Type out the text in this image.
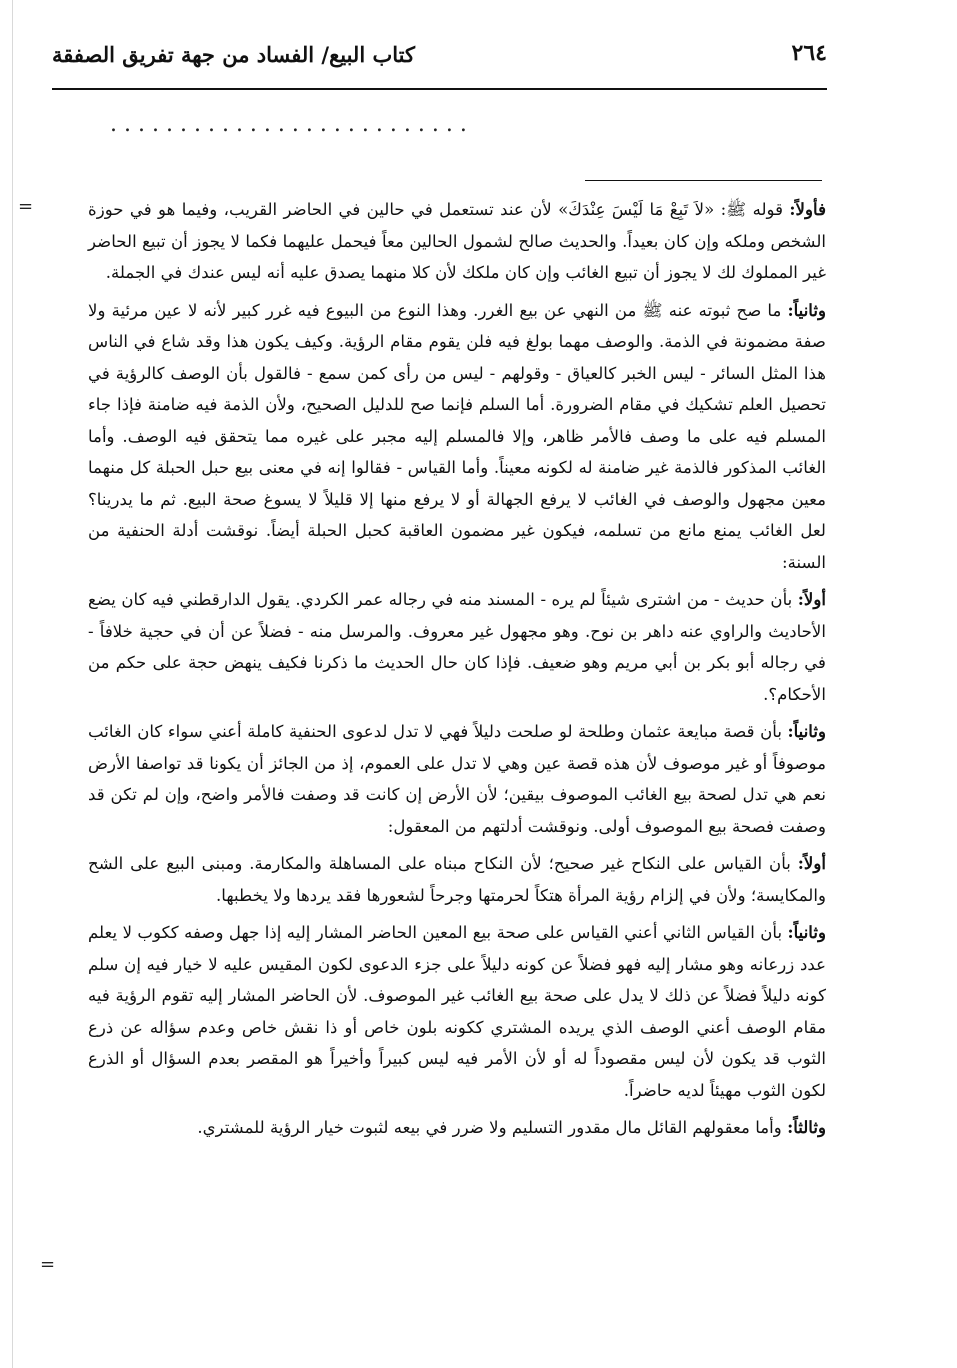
٢٦٤
كتاب البيع/ الفساد من جهة تفريق الصفقة
..........................
=	فأولاً: قوله ﷺ: «لاَ تَبِعْ مَا لَيْسَ عِنْدَكَ» لأن عند تستعمل في حالين في الحاضر القريب، وفيما هو في حوزة الشخص وملكه وإن كان بعيداً. والحديث صالح لشمول الحالين معاً فيحمل عليهما فكما لا يجوز أن تبيع الحاضر غير المملوك لك لا يجوز أن تبيع الغائب وإن كان ملكك لأن كلا منهما يصدق عليه أنه ليس عندك في الجملة.

وثانياً: ما صح ثبوته عنه ﷺ من النهي عن بيع الغرر. وهذا النوع من البيوع فيه غرر كبير لأنه لا عين مرئية ولا صفة مضمونة في الذمة. والوصف مهما بولغ فيه فلن يقوم مقام الرؤية. وكيف يكون هذا وقد شاع في الناس هذا المثل السائر - ليس الخبر كالعياق - وقولهم - ليس من رأى كمن سمع - فالقول بأن الوصف كالرؤية في تحصيل العلم تشكيك في مقام الضرورة. أما السلم فإنما صح للدليل الصحيح، ولأن الذمة فيه ضامنة فإذا جاء المسلم فيه على ما وصف فالأمر ظاهر، وإلا فالمسلم إليه مجبر على غيره مما يتحقق فيه الوصف. وأما الغائب المذكور فالذمة غير ضامنة له لكونه معيناً. وأما القياس - فقالوا إنه في معنى بيع حبل الحبلة كل منهما معين مجهول والوصف في الغائب لا يرفع الجهالة أو لا يرفع منها إلا قليلاً لا يسوغ صحة البيع. ثم ما يدرينا؟ لعل الغائب يمنع مانع من تسلمه، فيكون غير مضمون العاقبة كحبل الحبلة أيضاً. نوقشت أدلة الحنفية من السنة:

أولاً: بأن حديث - من اشترى شيئاً لم يره - المسند منه في رجاله عمر الكردي. يقول الدارقطني فيه كان يضع الأحاديث والراوي عنه داهر بن نوح. وهو مجهول غير معروف. والمرسل منه - فضلاً عن أن في حجية خلافاً - في رجاله أبو بكر بن أبي مريم وهو ضعيف. فإذا كان حال الحديث ما ذكرنا فكيف ينهض حجة على حكم من الأحكام؟.

وثانياً: بأن قصة مبايعة عثمان وطلحة لو صلحت دليلاً فهي لا تدل لدعوى الحنفية كاملة أعني سواء كان الغائب موصوفاً أو غير موصوف لأن هذه قصة عين وهي لا تدل على العموم، إذ من الجائز أن يكونا قد تواصفا الأرض نعم هي تدل لصحة بيع الغائب الموصوف بيقين؛ لأن الأرض إن كانت قد وصفت فالأمر واضح، وإن لم تكن قد وصفت فصحة بيع الموصوف أولى. ونوقشت أدلتهم من المعقول:

أولاً: بأن القياس على النكاح غير صحيح؛ لأن النكاح مبناه على المساهلة والمكارمة. ومبنى البيع على الشح والمكايسة؛ ولأن في إلزام رؤية المرأة هتكاً لحرمتها وجرحاً لشعورها فقد يردها ولا يخطبها.

وثانياً: بأن القياس الثاني أعني القياس على صحة بيع المعين الحاضر المشار إليه إذا جهل وصفه ككوب لا يعلم عدد زرعانه وهو مشار إليه فهو فضلاً عن كونه دليلاً على جزء الدعوى لكون المقيس عليه لا خيار فيه إن سلم كونه دليلاً فضلاً عن ذلك لا يدل على صحة بيع الغائب غير الموصوف. لأن الحاضر المشار إليه تقوم الرؤية فيه مقام الوصف أعني الوصف الذي يريده المشتري ككونه بلون خاص أو ذا نقش خاص وعدم سؤاله عن ذرع الثوب قد يكون لأن ليس مقصوداً له أو لأن الأمر فيه ليس كبيراً وأخيراً هو المقصر بعدم السؤال أو الذرع لكون الثوب مهيئاً لديه حاضراً.

وثالثاً: وأما معقولهم القائل مال مقدور التسليم ولا ضرر في بيعه لثبوت خيار الرؤية للمشتري.

=
